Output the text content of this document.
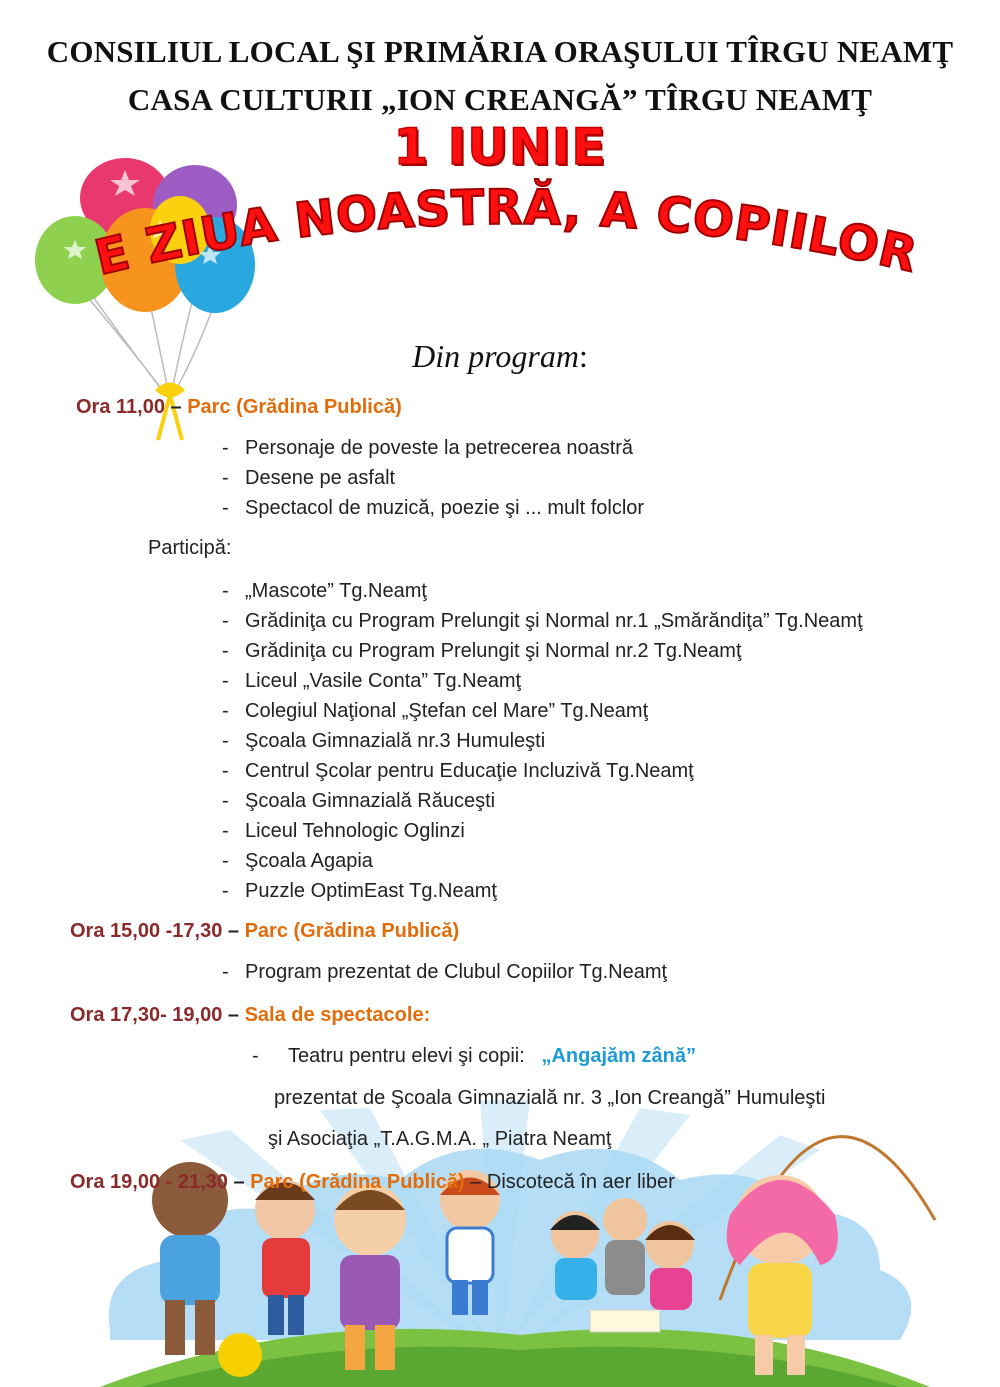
CONSILIUL LOCAL ŞI PRIMĂRIA ORAŞULUI TÎRGU NEAMŢ
CASA CULTURII „ION CREANGĂ” TÎRGU NEAMŢ
1 IUNIE
E ZIUA NOASTRĂ, A COPIILOR
Din program:
Ora 11,00 – Parc (Grădina Publică)
- Personaje de poveste la petrecerea noastră
- Desene pe asfalt
- Spectacol de muzică, poezie şi ... mult folclor
Participă:
- „Mascote” Tg.Neamţ
- Grădiniţa cu Program Prelungit şi Normal nr.1 „Smărăndiţa” Tg.Neamţ
- Grădiniţa cu Program Prelungit şi Normal nr.2 Tg.Neamţ
- Liceul „Vasile Conta” Tg.Neamţ
- Colegiul Naţional „Ştefan cel Mare” Tg.Neamţ
- Şcoala Gimnazială nr.3 Humuleşti
- Centrul Şcolar pentru Educaţie Incluzivă Tg.Neamţ
- Şcoala Gimnazială Răuceşti
- Liceul Tehnologic Oglinzi
- Şcoala Agapia
- Puzzle OptimEast Tg.Neamţ
Ora 15,00 -17,30 – Parc (Grădina Publică)
- Program prezentat de Clubul Copiilor Tg.Neamţ
Ora 17,30- 19,00 – Sala de spectacole:
- Teatru pentru elevi şi copii: „Angajăm zână”
prezentat de Şcoala Gimnazială nr. 3 „Ion Creangă” Humuleşti
şi Asociaţia „T.A.G.M.A. „ Piatra Neamţ
Ora 19,00 - 21,30 – Parc (Grădina Publică) – Discotecă în aer liber
